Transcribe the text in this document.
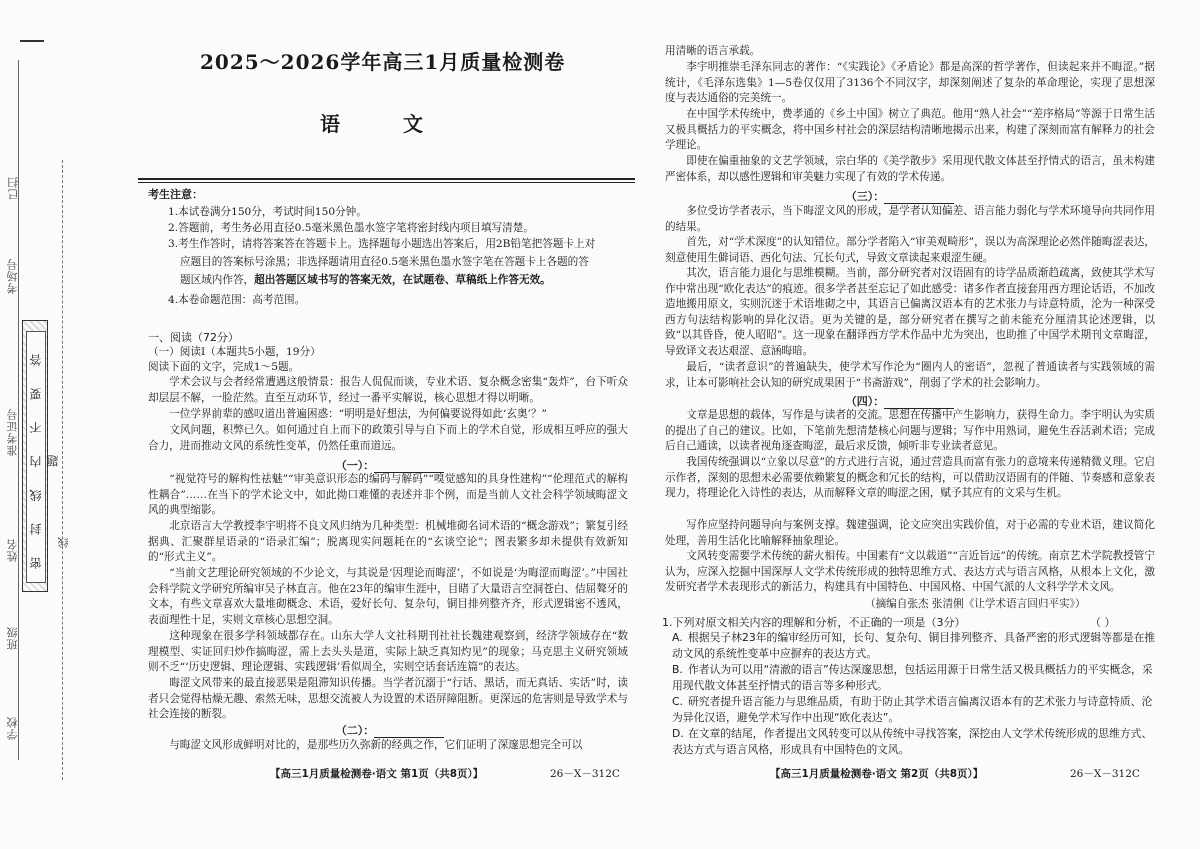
已扫
考场号
准考证号
姓名
班级
学校
密 封 线 内 不 要 答 题
线
2025～2026学年高三1月质量检测卷
语 文
考生注意：
1.本试卷满分150分，考试时间150分钟。
2.答题前，考生务必用直径0.5毫米黑色墨水签字笔将密封线内项目填写清楚。
3.考生作答时，请将答案答在答题卡上。选择题每小题选出答案后，用2B铅笔把答题卡上对
应题目的答案标号涂黑；非选择题请用直径0.5毫米黑色墨水签字笔在答题卡上各题的答
题区域内作答，超出答题区域书写的答案无效，在试题卷、草稿纸上作答无效。
4.本卷命题范围：高考范围。
一、阅读（72分）
（一）阅读Ⅰ（本题共5小题，19分）
阅读下面的文字，完成1～5题。
学术会议与会者经常遭遇这般情景：报告人侃侃而谈，专业术语、复杂概念密集“轰炸”，台下听众却层层不解，一脸茫然。直至互动环节，经过一番平实解说，核心思想才得以明晰。
一位学界前辈的感叹道出普遍困惑：“明明是好想法，为何偏要说得如此‘玄奥’？”
文风问题，积弊已久。如何通过自上而下的政策引导与自下而上的学术自觉，形成相互呼应的强大合力，进而推动文风的系统性变革，仍然任重而道远。
（一）：
“视觉符号的解构性祛魅”“审美意识形态的编码与解码”“嗅觉感知的具身性建构”“伦理范式的解构性耦合”……在当下的学术论文中，如此拗口难懂的表述并非个例，而是当前人文社会科学领域晦涩文风的典型缩影。
北京语言大学教授李宇明将不良文风归纳为几种类型：机械堆砌名词术语的“概念游戏”；繁复引经据典、汇聚群星语录的“语录汇编”；脱离现实问题耗在的“玄谈空论”；图表繁多却未提供有效新知的“形式主义”。
“当前文艺理论研究领域的不少论文，与其说是‘因理论而晦涩’，不如说是‘为晦涩而晦涩’。”中国社会科学院文学研究所编审吴子林直言。他在23年的编审生涯中，目睹了大量语言空洞苍白、佶屈聱牙的文本，有些文章喜欢大量堆砌概念、术语，爱好长句、复杂句，铜目排列整齐齐，形式逻辑密不透风，表面理性十足，实则文章核心思想空洞。
这种现象在很多学科领域都存在。山东大学人文社科期刊社社长魏建观察到，经济学领域存在“数理模型、实证回归炒作搞晦涩，需上去头头是道，实际上缺乏真知灼见”的现象；马克思主义研究领域则不乏“‘历史逻辑、理论逻辑、实践逻辑’看似周全，实则空话套话连篇”的表达。
晦涩文风带来的最直接恶果是阻滞知识传播。当学者沉溺于“行话、黑话，而无真话、实话”时，读者只会觉得枯燥无趣、索然无味，思想交流被人为设置的术语屏障阻断。更深远的危害则是导致学术与社会连接的断裂。
（二）：
与晦涩文风形成鲜明对比的，是那些历久弥新的经典之作，它们证明了深邃思想完全可以
【高三1月质量检测卷·语文 第1页（共8页）】	26－X－312C
用清晰的语言承载。
李宇明推崇毛泽东同志的著作：“《实践论》《矛盾论》都是高深的哲学著作，但读起来并不晦涩。”据统计，《毛泽东选集》1—5卷仅仅用了3136个不同汉字，却深刻阐述了复杂的革命理论，实现了思想深度与表达通俗的完美统一。
在中国学术传统中，费孝通的《乡土中国》树立了典范。他用“熟人社会”“差序格局”等源于日常生活又极具概括力的平实概念，将中国乡村社会的深层结构清晰地揭示出来，构建了深刻而富有解释力的社会学理论。
即使在偏重抽象的文艺学领域，宗白华的《美学散步》采用现代散文体甚至抒情式的语言，虽未构建严密体系，却以感性逻辑和审美魅力实现了有效的学术传递。
（三）：
多位受访学者表示，当下晦涩文风的形成，是学者认知偏差、语言能力弱化与学术环境导向共同作用的结果。
首先，对“学术深度”的认知错位。部分学者陷入“审美观畸形”，误以为高深理论必然伴随晦涩表达，刻意使用生僻词语、西化句法、冗长句式，导致文章读起来艰涩生硬。
其次，语言能力退化与思维模糊。当前，部分研究者对汉语固有的诗学品质渐趋疏离，致使其学术写作中常出现“欧化表达”的痕迹。很多学者甚至忘记了如此感受：诸多作者直接套用西方理论话语，不加改造地搬用原文，实则沉迷于术语堆砌之中，其语言已偏离汉语本有的艺术张力与诗意特质，沦为一种深受西方句法结构影响的异化汉语。更为关键的是，部分研究者在撰写之前未能充分厘清其论述逻辑，以致“以其昏昏，使人昭昭”。这一现象在翻译西方学术作品中尤为突出，也助推了中国学术期刊文章晦涩，导致译文表达艰涩、意涵晦暗。
最后，“读者意识”的普遍缺失，使学术写作沦为“圈内人的密语”，忽视了普通读者与实践领域的需求，让本可影响社会认知的研究成果困于“书斋游戏”，削弱了学术的社会影响力。
（四）：
文章是思想的载体，写作是与读者的交流。思想在传播中产生影响力，获得生命力。李宇明认为实质的提出了自己的建议。比如，下笔前先想清楚核心问题与逻辑；写作中用熟词，避免生吞活剥术语；完成后自己通读，以读者视角逐查晦涩，最后求反馈，倾听非专业读者意见。
我国传统强调以“立象以尽意”的方式进行言说，通过营造具而富有张力的意境来传递精微义理。它启示作者，深刻的思想未必需要依赖繁复的概念和冗长的结构，可以借助汉语固有的伴随、节奏感和意象表现力，将理论化入诗性的表达，从而解释文章的晦涩之困，赋予其应有的文采与生机。
写作应坚持问题导向与案例支撑。魏建强调，论文应突出实践价值，对于必需的专业术语，建议简化处理，善用生活化比喻解释抽象理论。
文风转变需要学术传统的薪火相传。中国素有“文以载道”“言近旨远”的传统。南京艺术学院教授管宁认为，应深入挖掘中国深厚人文学术传统形成的独特思维方式、表达方式与语言风格，从根本上文化，激发研究者学术表现形式的新活力，构建具有中国特色、中国风格、中国气派的人文科学学术文风。
（摘编自张杰 张清俐《让学术语言回归平实》）
1.下列对原文相关内容的理解和分析，不正确的一项是（3分）	（ ）
A. 根据吴子林23年的编审经历可知，长句、复杂句、铜目排列整齐、具备严密的形式逻辑等都是在推动文风的系统性变革中应摒弃的表达方式。
B. 作者认为可以用“清澈的语言”传达深邃思想，包括运用源于日常生活又极具概括力的平实概念，采用现代散文体甚至抒情式的语言等多种形式。
C. 研究者提升语言能力与思维品质，有助于防止其学术语言偏离汉语本有的艺术张力与诗意特质、沦为异化汉语，避免学术写作中出现“欧化表达”。
D. 在文章的结尾，作者提出文风转变可以从传统中寻找答案，深挖由人文学术传统形成的思维方式、表达方式与语言风格，形成具有中国特色的文风。
【高三1月质量检测卷·语文 第2页（共8页）】	26－X－312C
